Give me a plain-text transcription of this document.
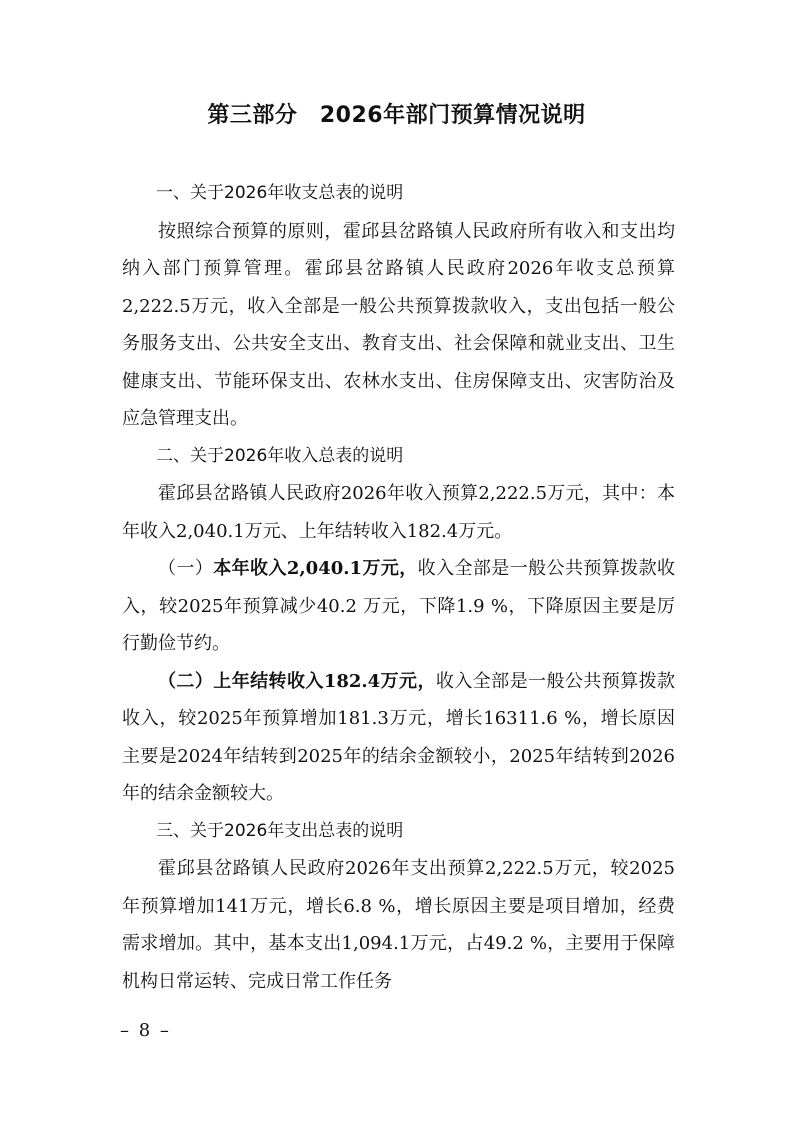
第三部分　2026年部门预算情况说明

一、关于2026年收支总表的说明

按照综合预算的原则，霍邱县岔路镇人民政府所有收入和支出均纳入部门预算管理。霍邱县岔路镇人民政府2026年收支总预算2,222.5万元，收入全部是一般公共预算拨款收入，支出包括一般公务服务支出、公共安全支出、教育支出、社会保障和就业支出、卫生健康支出、节能环保支出、农林水支出、住房保障支出、灾害防治及应急管理支出。

二、关于2026年收入总表的说明

霍邱县岔路镇人民政府2026年收入预算2,222.5万元，其中：本年收入2,040.1万元、上年结转收入182.4万元。

（一）本年收入2,040.1万元，收入全部是一般公共预算拨款收入，较2025年预算减少40.2 万元，下降1.9 %，下降原因主要是厉行勤俭节约。

（二）上年结转收入182.4万元，收入全部是一般公共预算拨款收入，较2025年预算增加181.3万元，增长16311.6 %，增长原因主要是2024年结转到2025年的结余金额较小，2025年结转到2026年的结余金额较大。

三、关于2026年支出总表的说明

霍邱县岔路镇人民政府2026年支出预算2,222.5万元，较2025年预算增加141万元，增长6.8 %，增长原因主要是项目增加，经费需求增加。其中，基本支出1,094.1万元，占49.2 %，主要用于保障机构日常运转、完成日常工作任务

– 8 –
